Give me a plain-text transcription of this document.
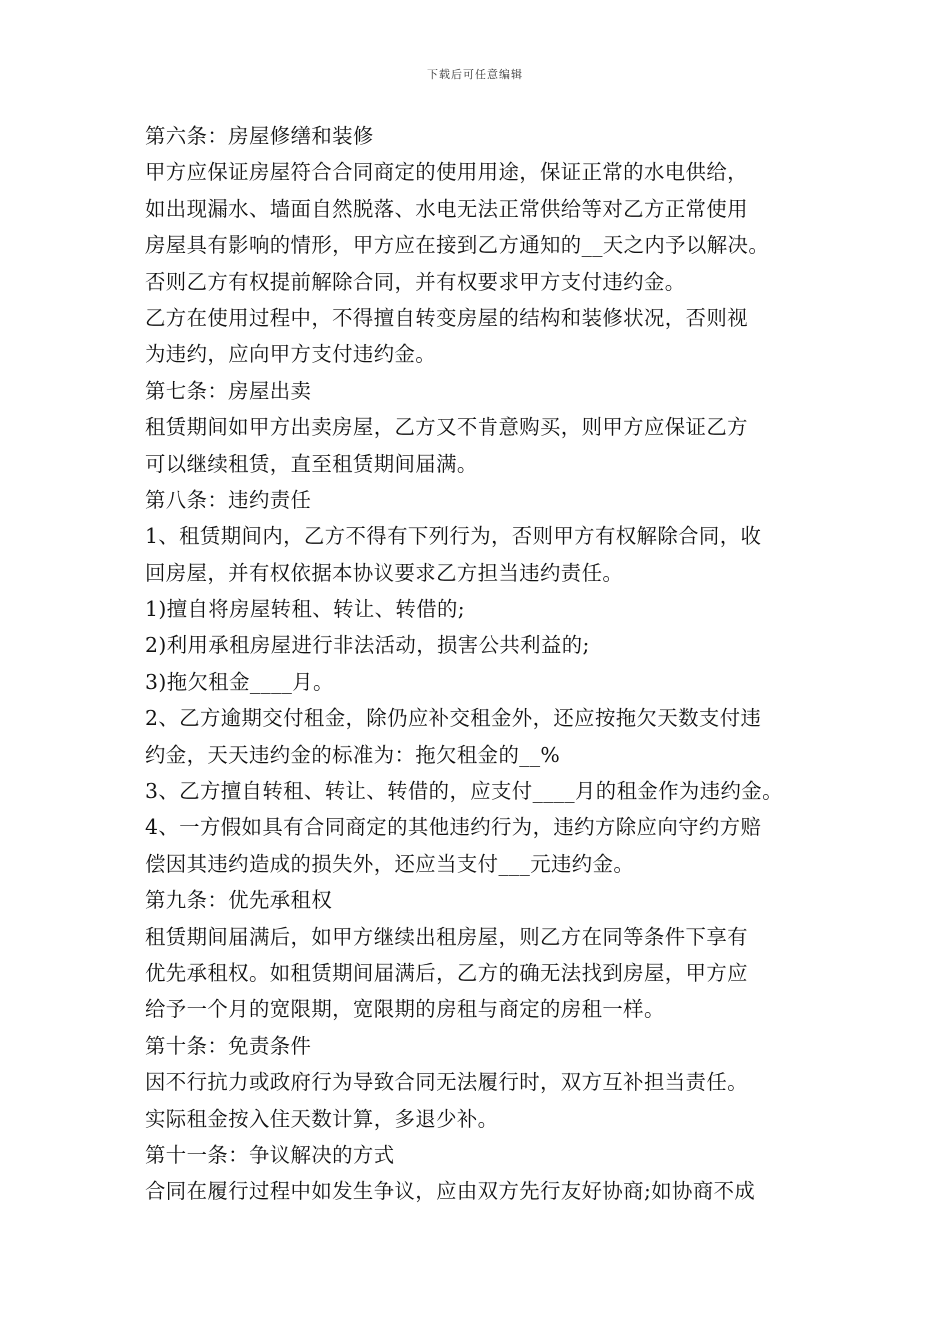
下载后可任意编辑
第六条：房屋修缮和装修
甲方应保证房屋符合合同商定的使用用途，保证正常的水电供给，
如出现漏水、墙面自然脱落、水电无法正常供给等对乙方正常使用
房屋具有影响的情形，甲方应在接到乙方通知的__天之内予以解决。
否则乙方有权提前解除合同，并有权要求甲方支付违约金。
乙方在使用过程中，不得擅自转变房屋的结构和装修状况，否则视
为违约，应向甲方支付违约金。
第七条：房屋出卖
租赁期间如甲方出卖房屋，乙方又不肯意购买，则甲方应保证乙方
可以继续租赁，直至租赁期间届满。
第八条：违约责任
1、租赁期间内，乙方不得有下列行为，否则甲方有权解除合同，收
回房屋，并有权依据本协议要求乙方担当违约责任。
1)擅自将房屋转租、转让、转借的;
2)利用承租房屋进行非法活动，损害公共利益的;
3)拖欠租金____月。
2、乙方逾期交付租金，除仍应补交租金外，还应按拖欠天数支付违
约金，天天违约金的标准为：拖欠租金的__%
3、乙方擅自转租、转让、转借的，应支付____月的租金作为违约金。
4、一方假如具有合同商定的其他违约行为，违约方除应向守约方赔
偿因其违约造成的损失外，还应当支付___元违约金。
第九条：优先承租权
租赁期间届满后，如甲方继续出租房屋，则乙方在同等条件下享有
优先承租权。如租赁期间届满后，乙方的确无法找到房屋，甲方应
给予一个月的宽限期，宽限期的房租与商定的房租一样。
第十条：免责条件
因不行抗力或政府行为导致合同无法履行时，双方互补担当责任。
实际租金按入住天数计算，多退少补。
第十一条：争议解决的方式
合同在履行过程中如发生争议，应由双方先行友好协商;如协商不成
